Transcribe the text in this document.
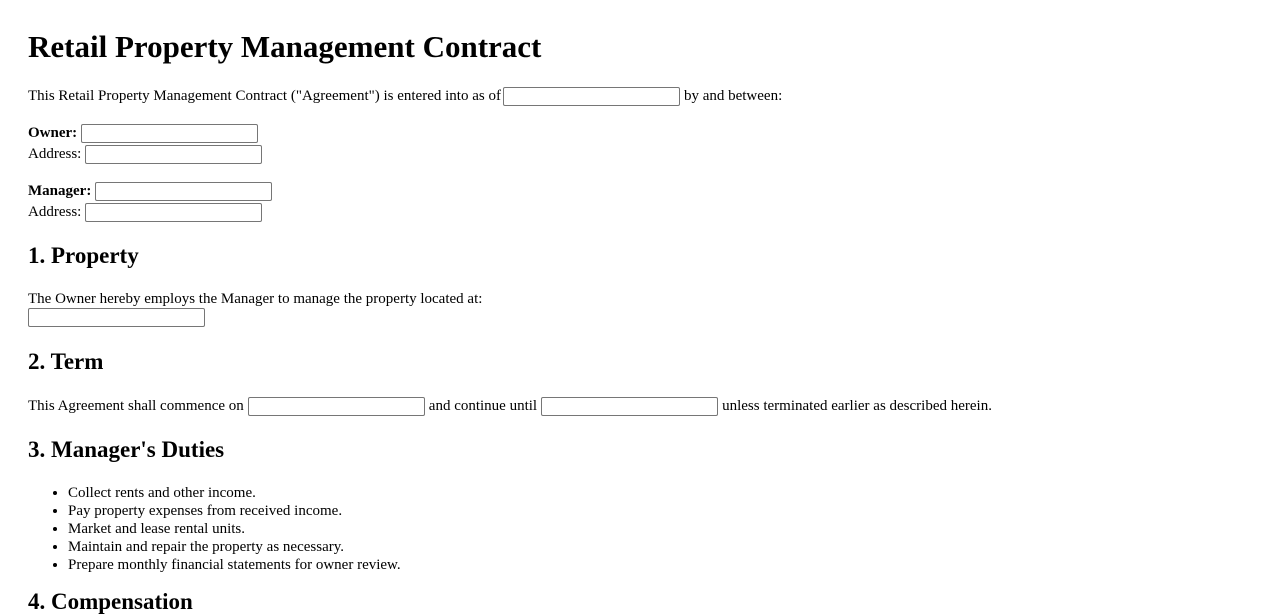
Retail Property Management Contract
This Retail Property Management Contract ("Agreement") is entered into as of	by and between:
Owner:
Address:
Manager:
Address:
1. Property
The Owner hereby employs the Manager to manage the property located at:
2. Term
This Agreement shall commence on	and continue until	unless terminated earlier as described herein.
3. Manager's Duties
• Collect rents and other income.
• Pay property expenses from received income.
• Market and lease rental units.
• Maintain and repair the property as necessary.
• Prepare monthly financial statements for owner review.
4. Compensation
